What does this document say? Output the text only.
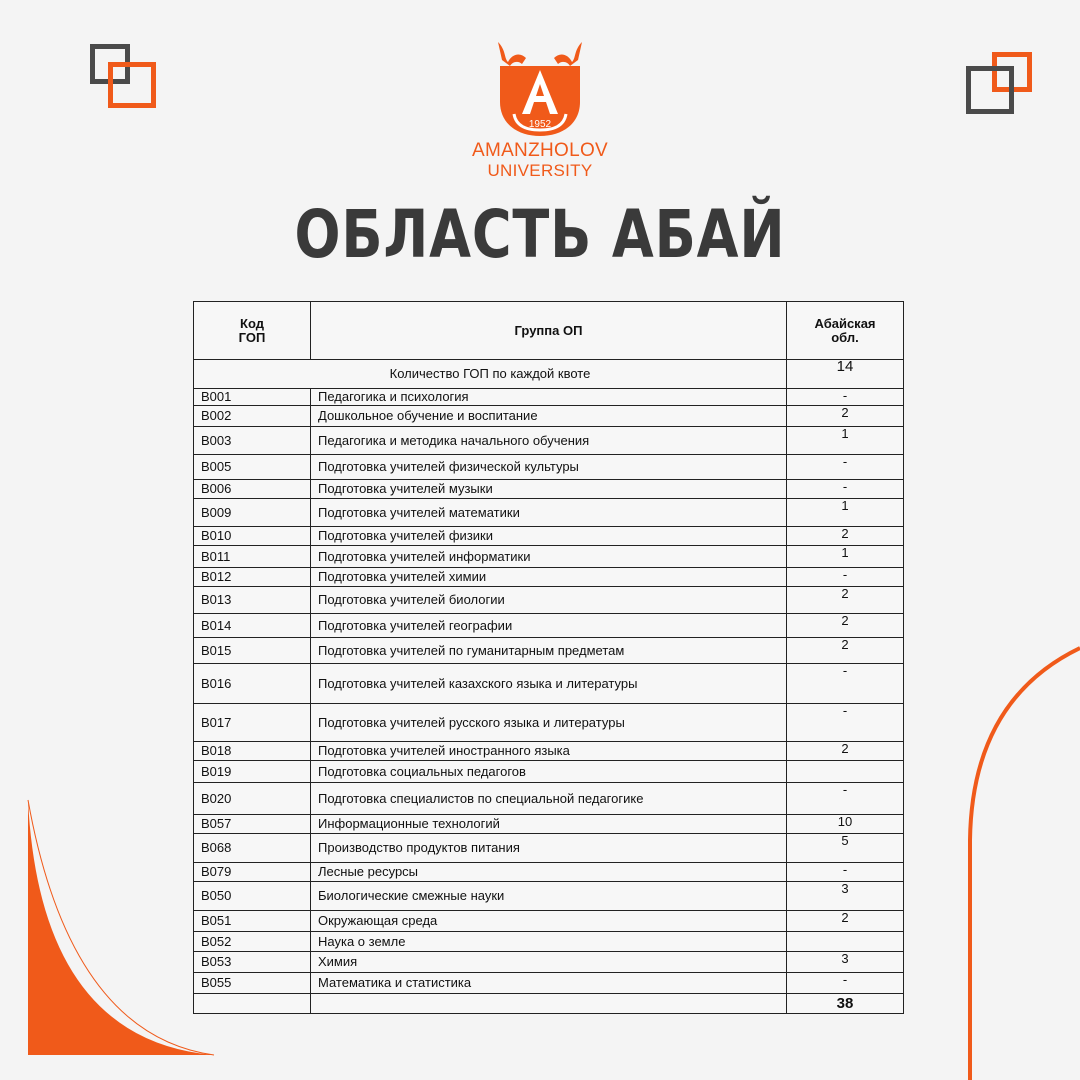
1952
AMANZHOLOV
UNIVERSITY
ОБЛАСТЬ АБАЙ
Код
ГОП	Группа ОП	Абайская
обл.
Количество ГОП по каждой квоте		14
B001	Педагогика и психология	-
B002	Дошкольное обучение и воспитание	2
B003	Педагогика и методика начального обучения	1
B005	Подготовка учителей физической культуры	-
B006	Подготовка учителей музыки	-
B009	Подготовка учителей математики	1
B010	Подготовка учителей физики	2
B011	Подготовка учителей информатики	1
B012	Подготовка учителей химии	-
B013	Подготовка учителей биологии	2
B014	Подготовка учителей географии	2
B015	Подготовка учителей по гуманитарным предметам	2
B016	Подготовка учителей казахского языка и литературы	-
B017	Подготовка учителей русского языка и литературы	-
B018	Подготовка учителей иностранного языка	2
B019	Подготовка социальных педагогов	
B020	Подготовка специалистов по специальной педагогике	-
B057	Информационные технологий	10
B068	Производство продуктов питания	5
B079	Лесные ресурсы	-
B050	Биологические смежные науки	3
B051	Окружающая среда	2
B052	Наука о земле	
B053	Химия	3
B055	Математика и статистика	-
		38
